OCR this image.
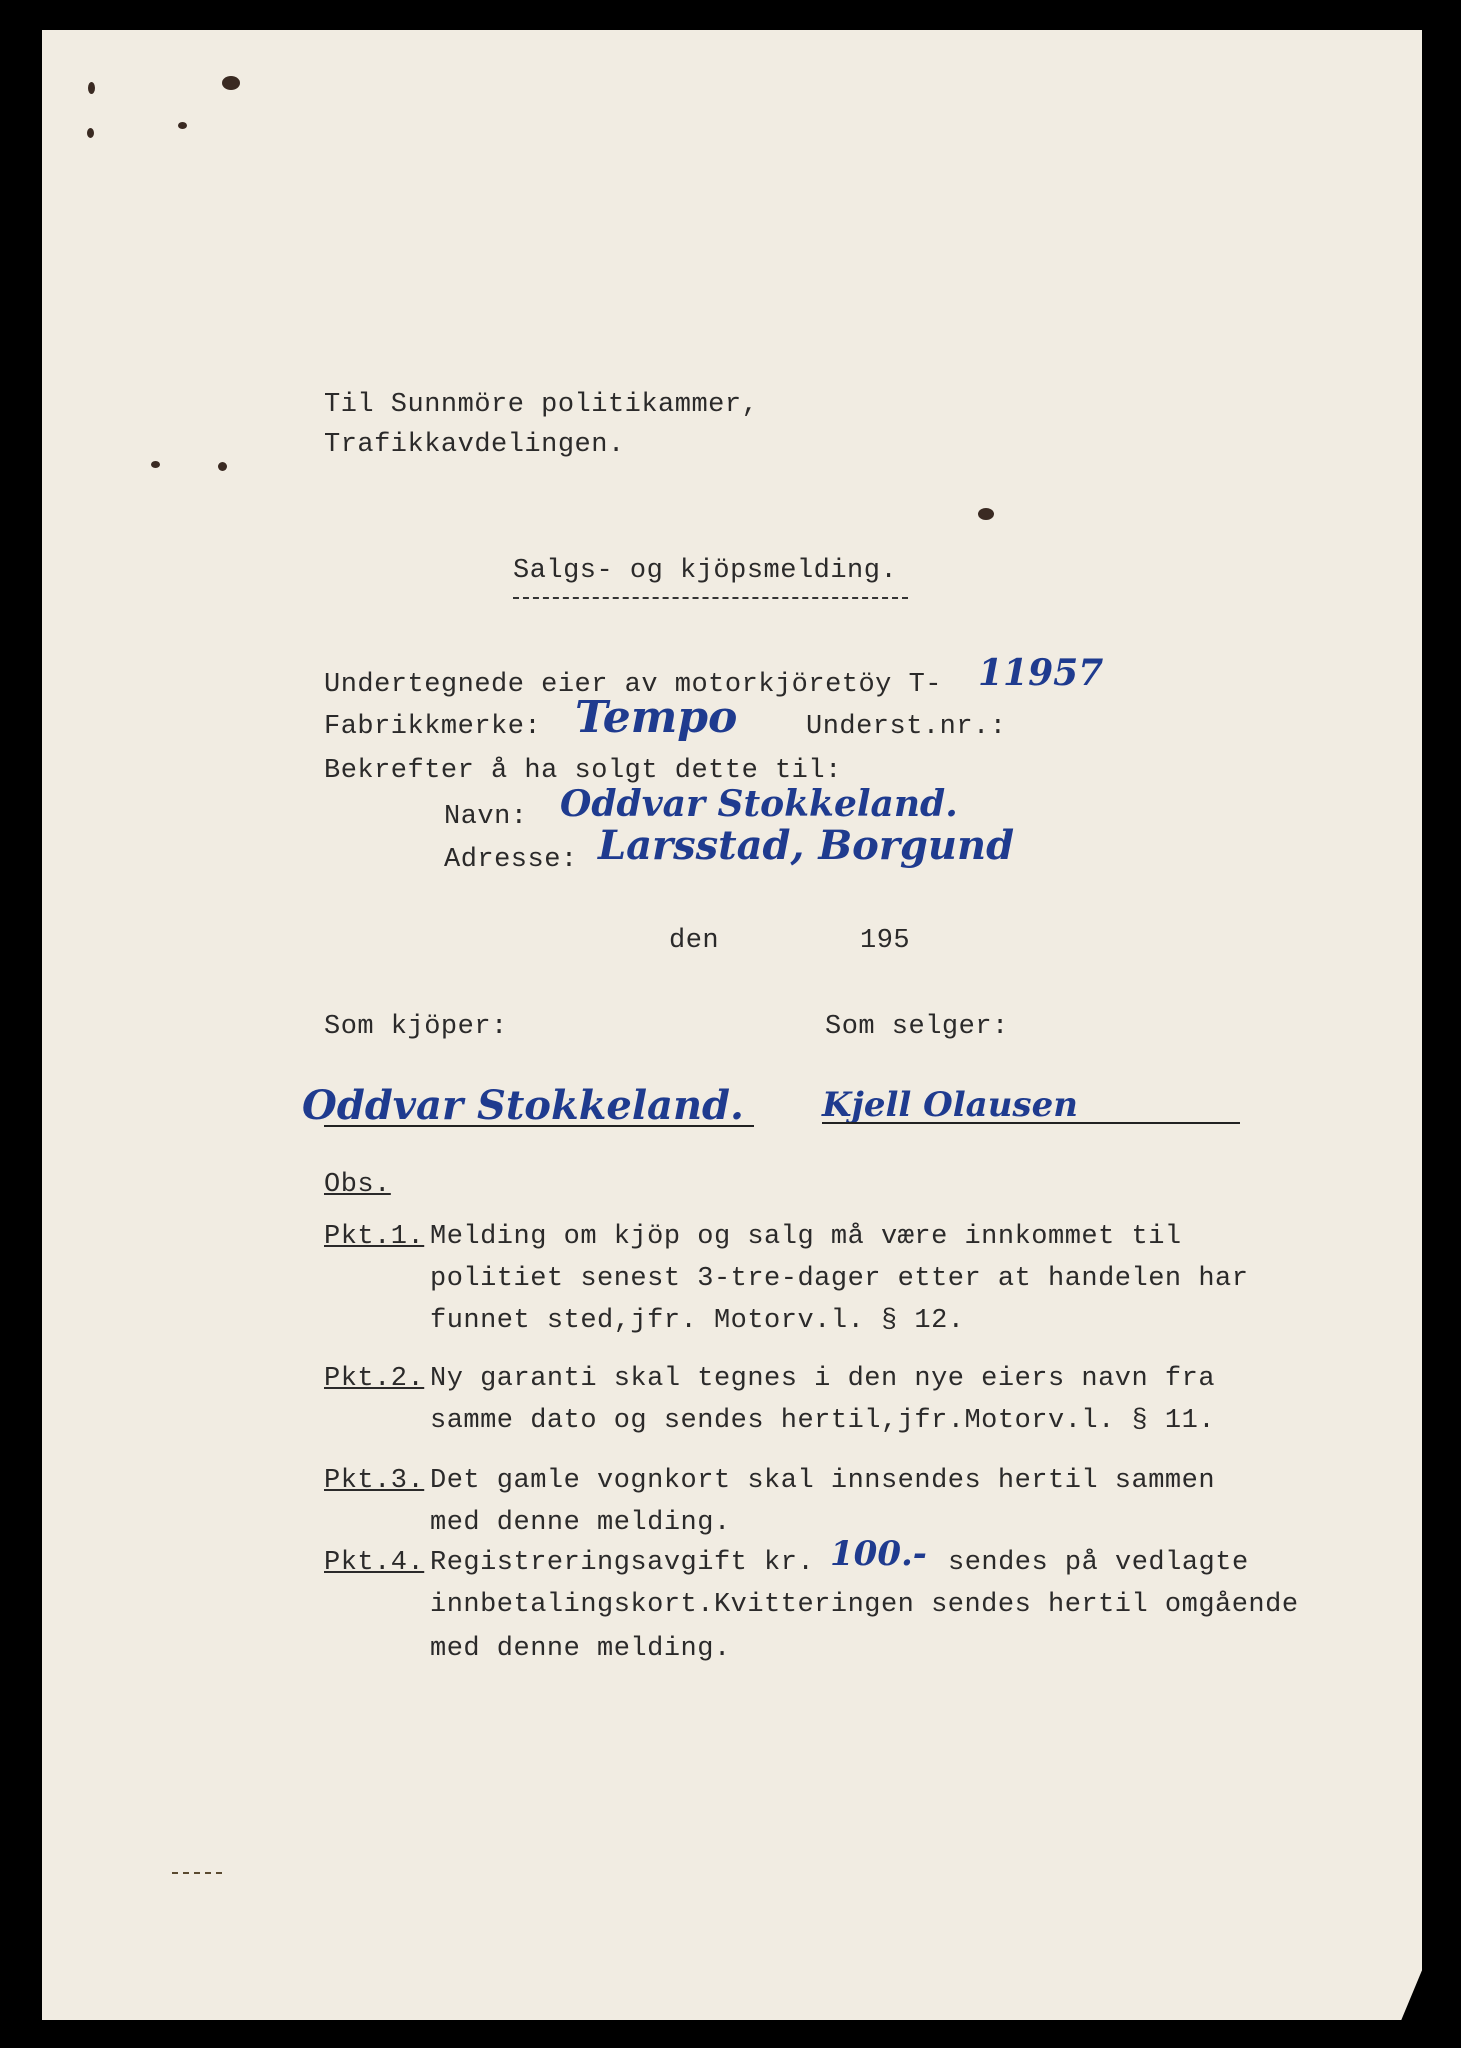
Til Sunnmöre politikammer,
Trafikkavdelingen.
Salgs- og kjöpsmelding.
Undertegnede eier av motorkjöretöy T- 11957
Fabrikkmerke: Tempo	Underst.nr.:
Bekrefter å ha solgt dette til:
Navn: Oddvar Stokkeland.
Adresse: Larsstad, Borgund
den	195
Som kjöper:	Som selger:
Oddvar Stokkeland. Kjell Olausen
Obs.
Pkt.1. Melding om kjöp og salg må være innkommet til
politiet senest 3-tre-dager etter at handelen har
funnet sted,jfr. Motorv.l. § 12.
Pkt.2. Ny garanti skal tegnes i den nye eiers navn fra
samme dato og sendes hertil,jfr.Motorv.l. § 11.
Pkt.3. Det gamle vognkort skal innsendes hertil sammen
med denne melding.
Pkt.4. Registreringsavgift kr. 100.- sendes på vedlagte
innbetalingskort.Kvitteringen sendes hertil omgående
med denne melding.
